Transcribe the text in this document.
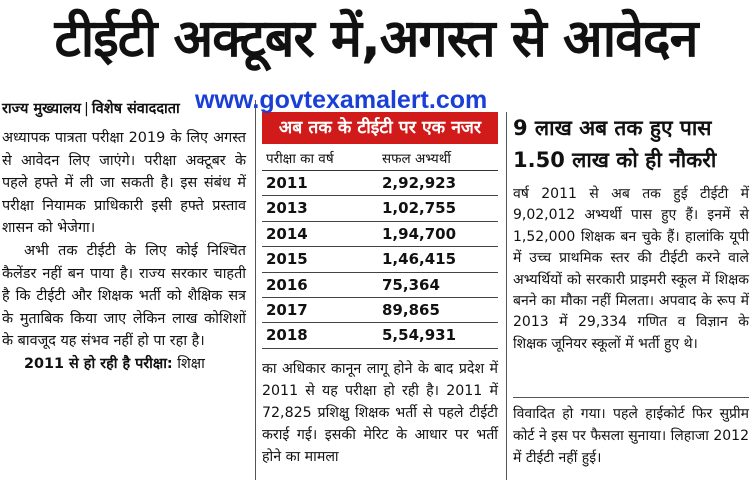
टीईटी अक्टूबर में,अगस्त से आवेदन
राज्य मुख्यालय | विशेष संवाददाता

अध्यापक पात्रता परीक्षा 2019 के लिए अगस्त से आवेदन लिए जाएंगे। परीक्षा अक्टूबर के पहले हफ्ते में ली जा सकती है। इस संबंध में परीक्षा नियामक प्राधिकारी इसी हफ्ते प्रस्ताव शासन को भेजेगा।

अभी तक टीईटी के लिए कोई निश्चित कैलेंडर नहीं बन पाया है। राज्य सरकार चाहती है कि टीईटी और शिक्षक भर्ती को शैक्षिक सत्र के मुताबिक किया जाए लेकिन लाख कोशिशों के बावजूद यह संभव नहीं हो पा रहा है।

2011 से हो रही है परीक्षा: शिक्षा

अब तक के टीईटी पर एक नजर
परीक्षा का वर्ष	सफल अभ्यर्थी
2011	2,92,923
2013	1,02,755
2014	1,94,700
2015	1,46,415
2016	75,364
2017	89,865
2018	5,54,931

का अधिकार कानून लागू होने के बाद प्रदेश में 2011 से यह परीक्षा हो रही है। 2011 में 72,825 प्रशिक्षु शिक्षक भर्ती से पहले टीईटी कराई गई। इसकी मेरिट के आधार पर भर्ती होने का मामला

9 लाख अब तक हुए पास
1.50 लाख को ही नौकरी

वर्ष 2011 से अब तक हुई टीईटी में 9,02,012 अभ्यर्थी पास हुए हैं। इनमें से 1,52,000 शिक्षक बन चुके हैं। हालांकि यूपी में उच्च प्राथमिक स्तर की टीईटी करने वाले अभ्यर्थियों को सरकारी प्राइमरी स्कूल में शिक्षक बनने का मौका नहीं मिलता। अपवाद के रूप में 2013 में 29,334 गणित व विज्ञान के शिक्षक जूनियर स्कूलों में भर्ती हुए थे।

विवादित हो गया। पहले हाईकोर्ट फिर सुप्रीम कोर्ट ने इस पर फैसला सुनाया। लिहाजा 2012 में टीईटी नहीं हुई।

www.govtexamalert.com
